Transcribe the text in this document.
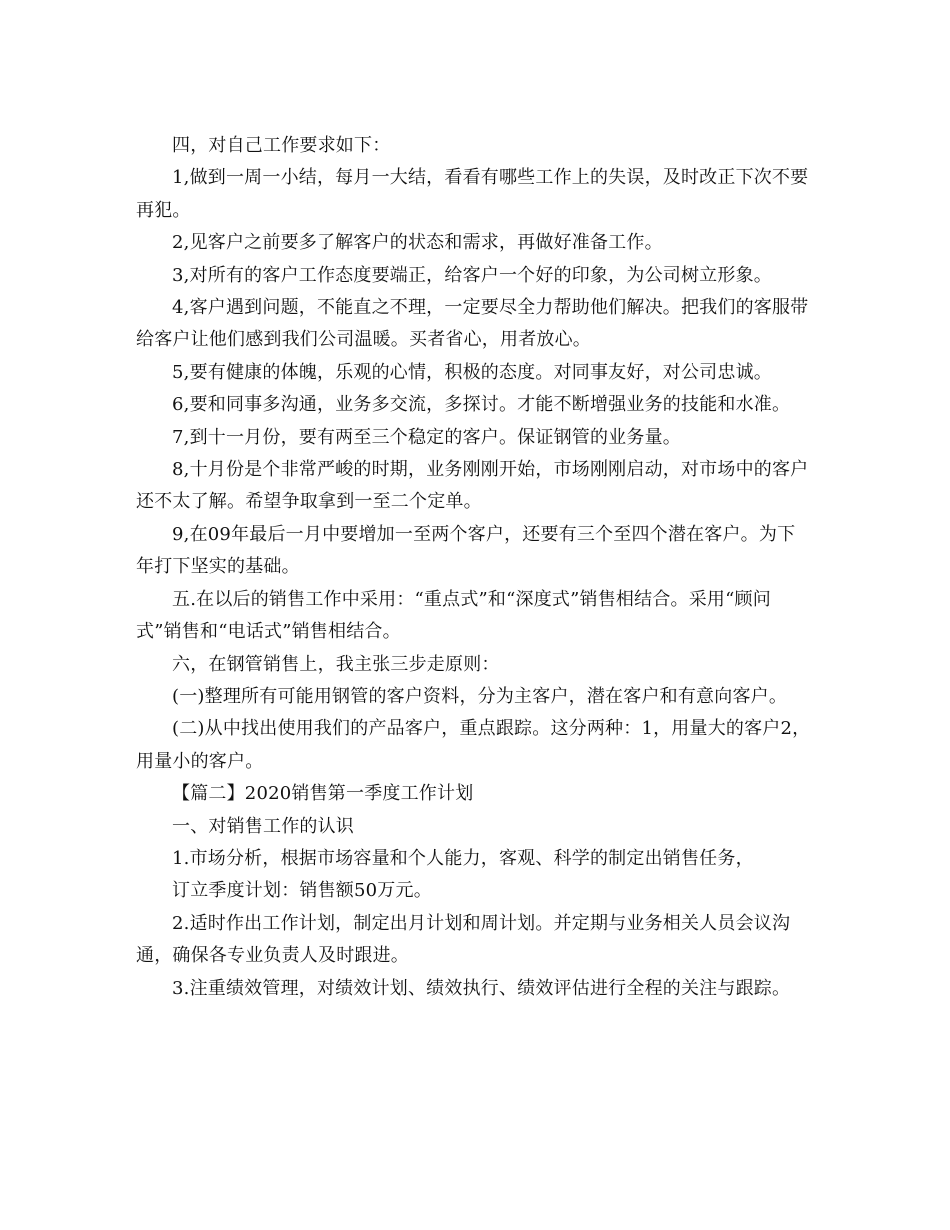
四，对自己工作要求如下：

1,做到一周一小结，每月一大结，看看有哪些工作上的失误，及时改正下次不要再犯。

2,见客户之前要多了解客户的状态和需求，再做好准备工作。

3,对所有的客户工作态度要端正，给客户一个好的印象，为公司树立形象。

4,客户遇到问题，不能直之不理，一定要尽全力帮助他们解决。把我们的客服带给客户让他们感到我们公司温暖。买者省心，用者放心。

5,要有健康的体魄，乐观的心情，积极的态度。对同事友好，对公司忠诚。

6,要和同事多沟通，业务多交流，多探讨。才能不断增强业务的技能和水准。

7,到十一月份，要有两至三个稳定的客户。保证钢管的业务量。

8,十月份是个非常严峻的时期，业务刚刚开始，市场刚刚启动，对市场中的客户还不太了解。希望争取拿到一至二个定单。

9,在09年最后一月中要增加一至两个客户，还要有三个至四个潜在客户。为下年打下坚实的基础。

五.在以后的销售工作中采用：“重点式”和“深度式”销售相结合。采用“顾问式”销售和“电话式”销售相结合。

六，在钢管销售上，我主张三步走原则：

(一)整理所有可能用钢管的客户资料，分为主客户，潜在客户和有意向客户。

(二)从中找出使用我们的产品客户，重点跟踪。这分两种：1，用量大的客户2，用量小的客户。

【篇二】2020销售第一季度工作计划

一、对销售工作的认识

1.市场分析，根据市场容量和个人能力，客观、科学的制定出销售任务，

订立季度计划：销售额50万元。

2.适时作出工作计划，制定出月计划和周计划。并定期与业务相关人员会议沟通，确保各专业负责人及时跟进。

3.注重绩效管理，对绩效计划、绩效执行、绩效评估进行全程的关注与跟踪。
